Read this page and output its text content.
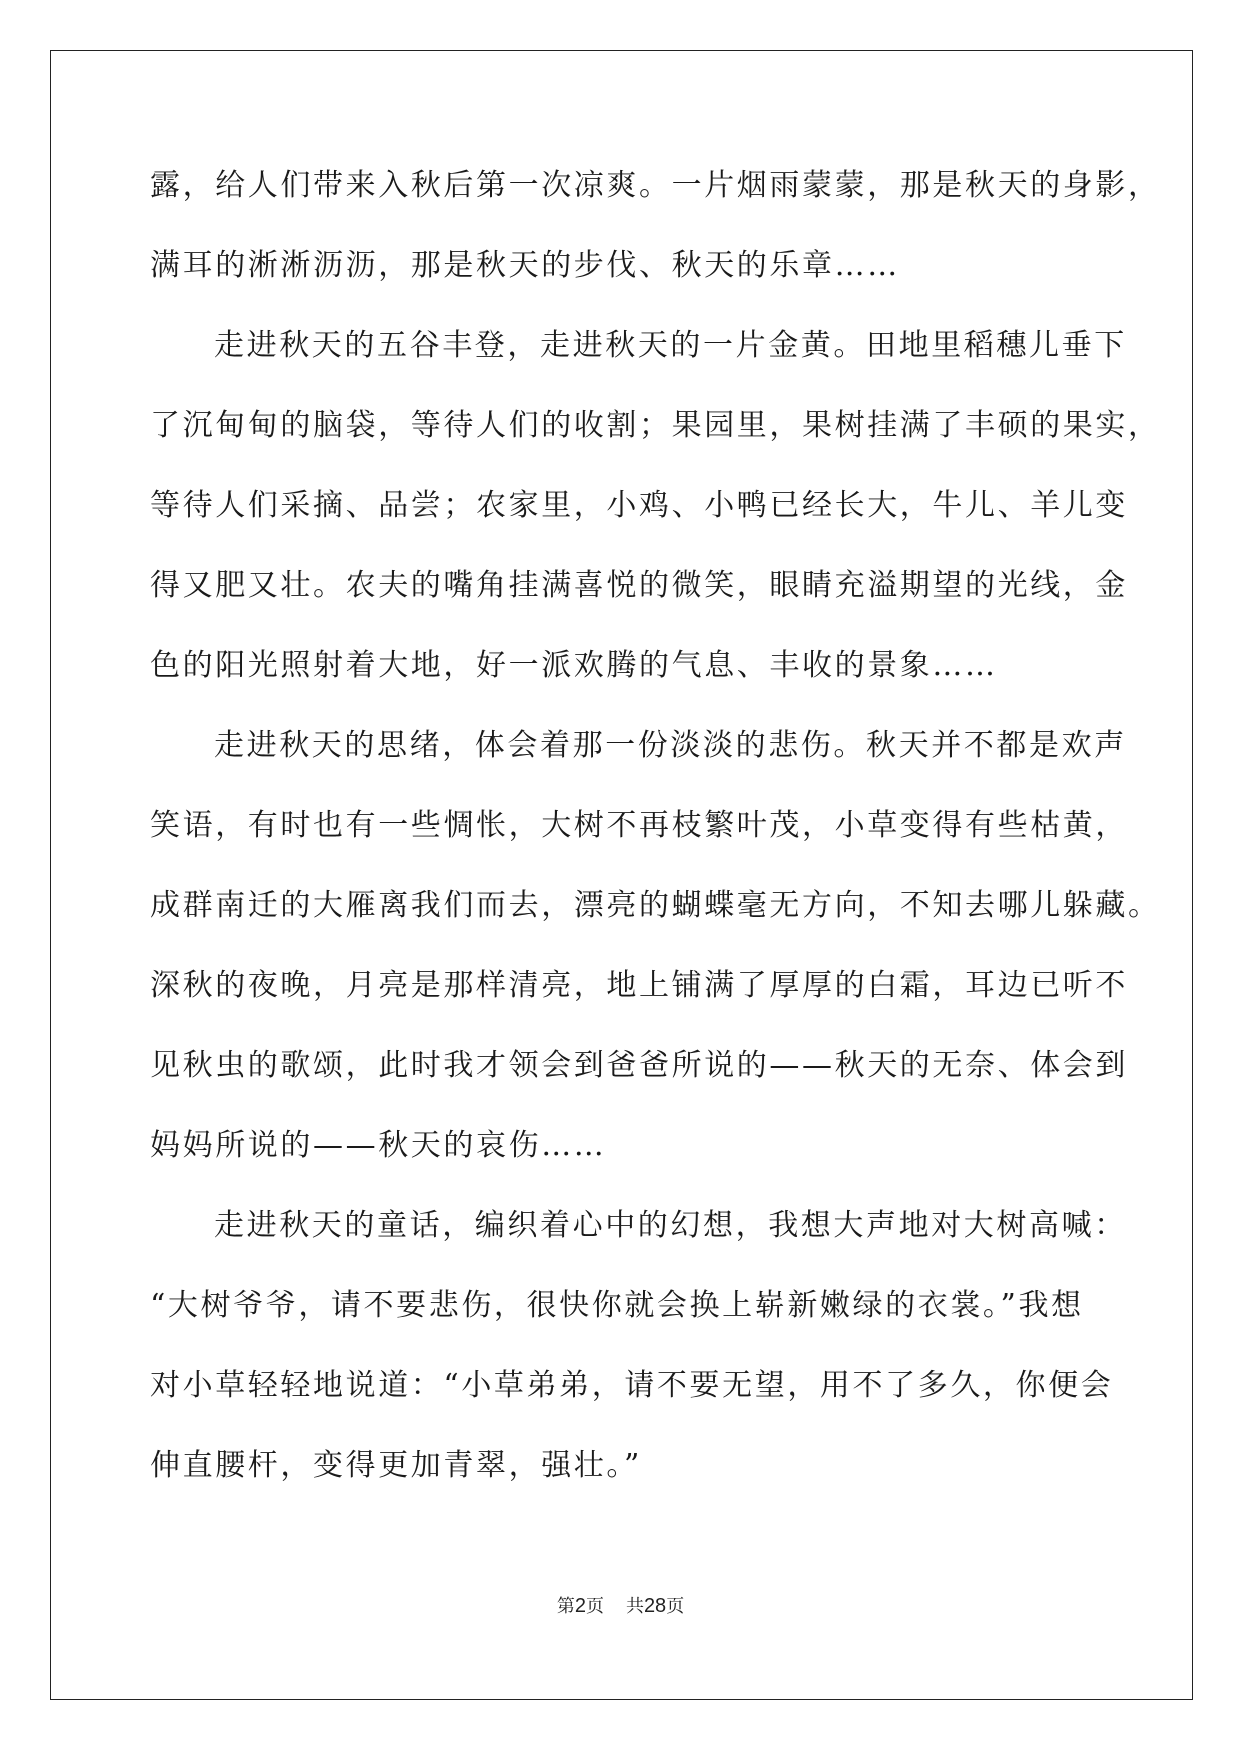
露，给人们带来入秋后第一次凉爽。一片烟雨蒙蒙，那是秋天的身影，

满耳的淅淅沥沥，那是秋天的步伐、秋天的乐章……

走进秋天的五谷丰登，走进秋天的一片金黄。田地里稻穗儿垂下

了沉甸甸的脑袋，等待人们的收割；果园里，果树挂满了丰硕的果实，

等待人们采摘、品尝；农家里，小鸡、小鸭已经长大，牛儿、羊儿变

得又肥又壮。农夫的嘴角挂满喜悦的微笑，眼睛充溢期望的光线，金

色的阳光照射着大地，好一派欢腾的气息、丰收的景象……

走进秋天的思绪，体会着那一份淡淡的悲伤。秋天并不都是欢声

笑语，有时也有一些惆怅，大树不再枝繁叶茂，小草变得有些枯黄，

成群南迁的大雁离我们而去，漂亮的蝴蝶毫无方向，不知去哪儿躲藏。

深秋的夜晚，月亮是那样清亮，地上铺满了厚厚的白霜，耳边已听不

见秋虫的歌颂，此时我才领会到爸爸所说的——秋天的无奈、体会到

妈妈所说的——秋天的哀伤……

走进秋天的童话，编织着心中的幻想，我想大声地对大树高喊：

“大树爷爷，请不要悲伤，很快你就会换上崭新嫩绿的衣裳。”我想

对小草轻轻地说道：“小草弟弟，请不要无望，用不了多久，你便会

伸直腰杆，变得更加青翠，强壮。”

第2页 共28页
